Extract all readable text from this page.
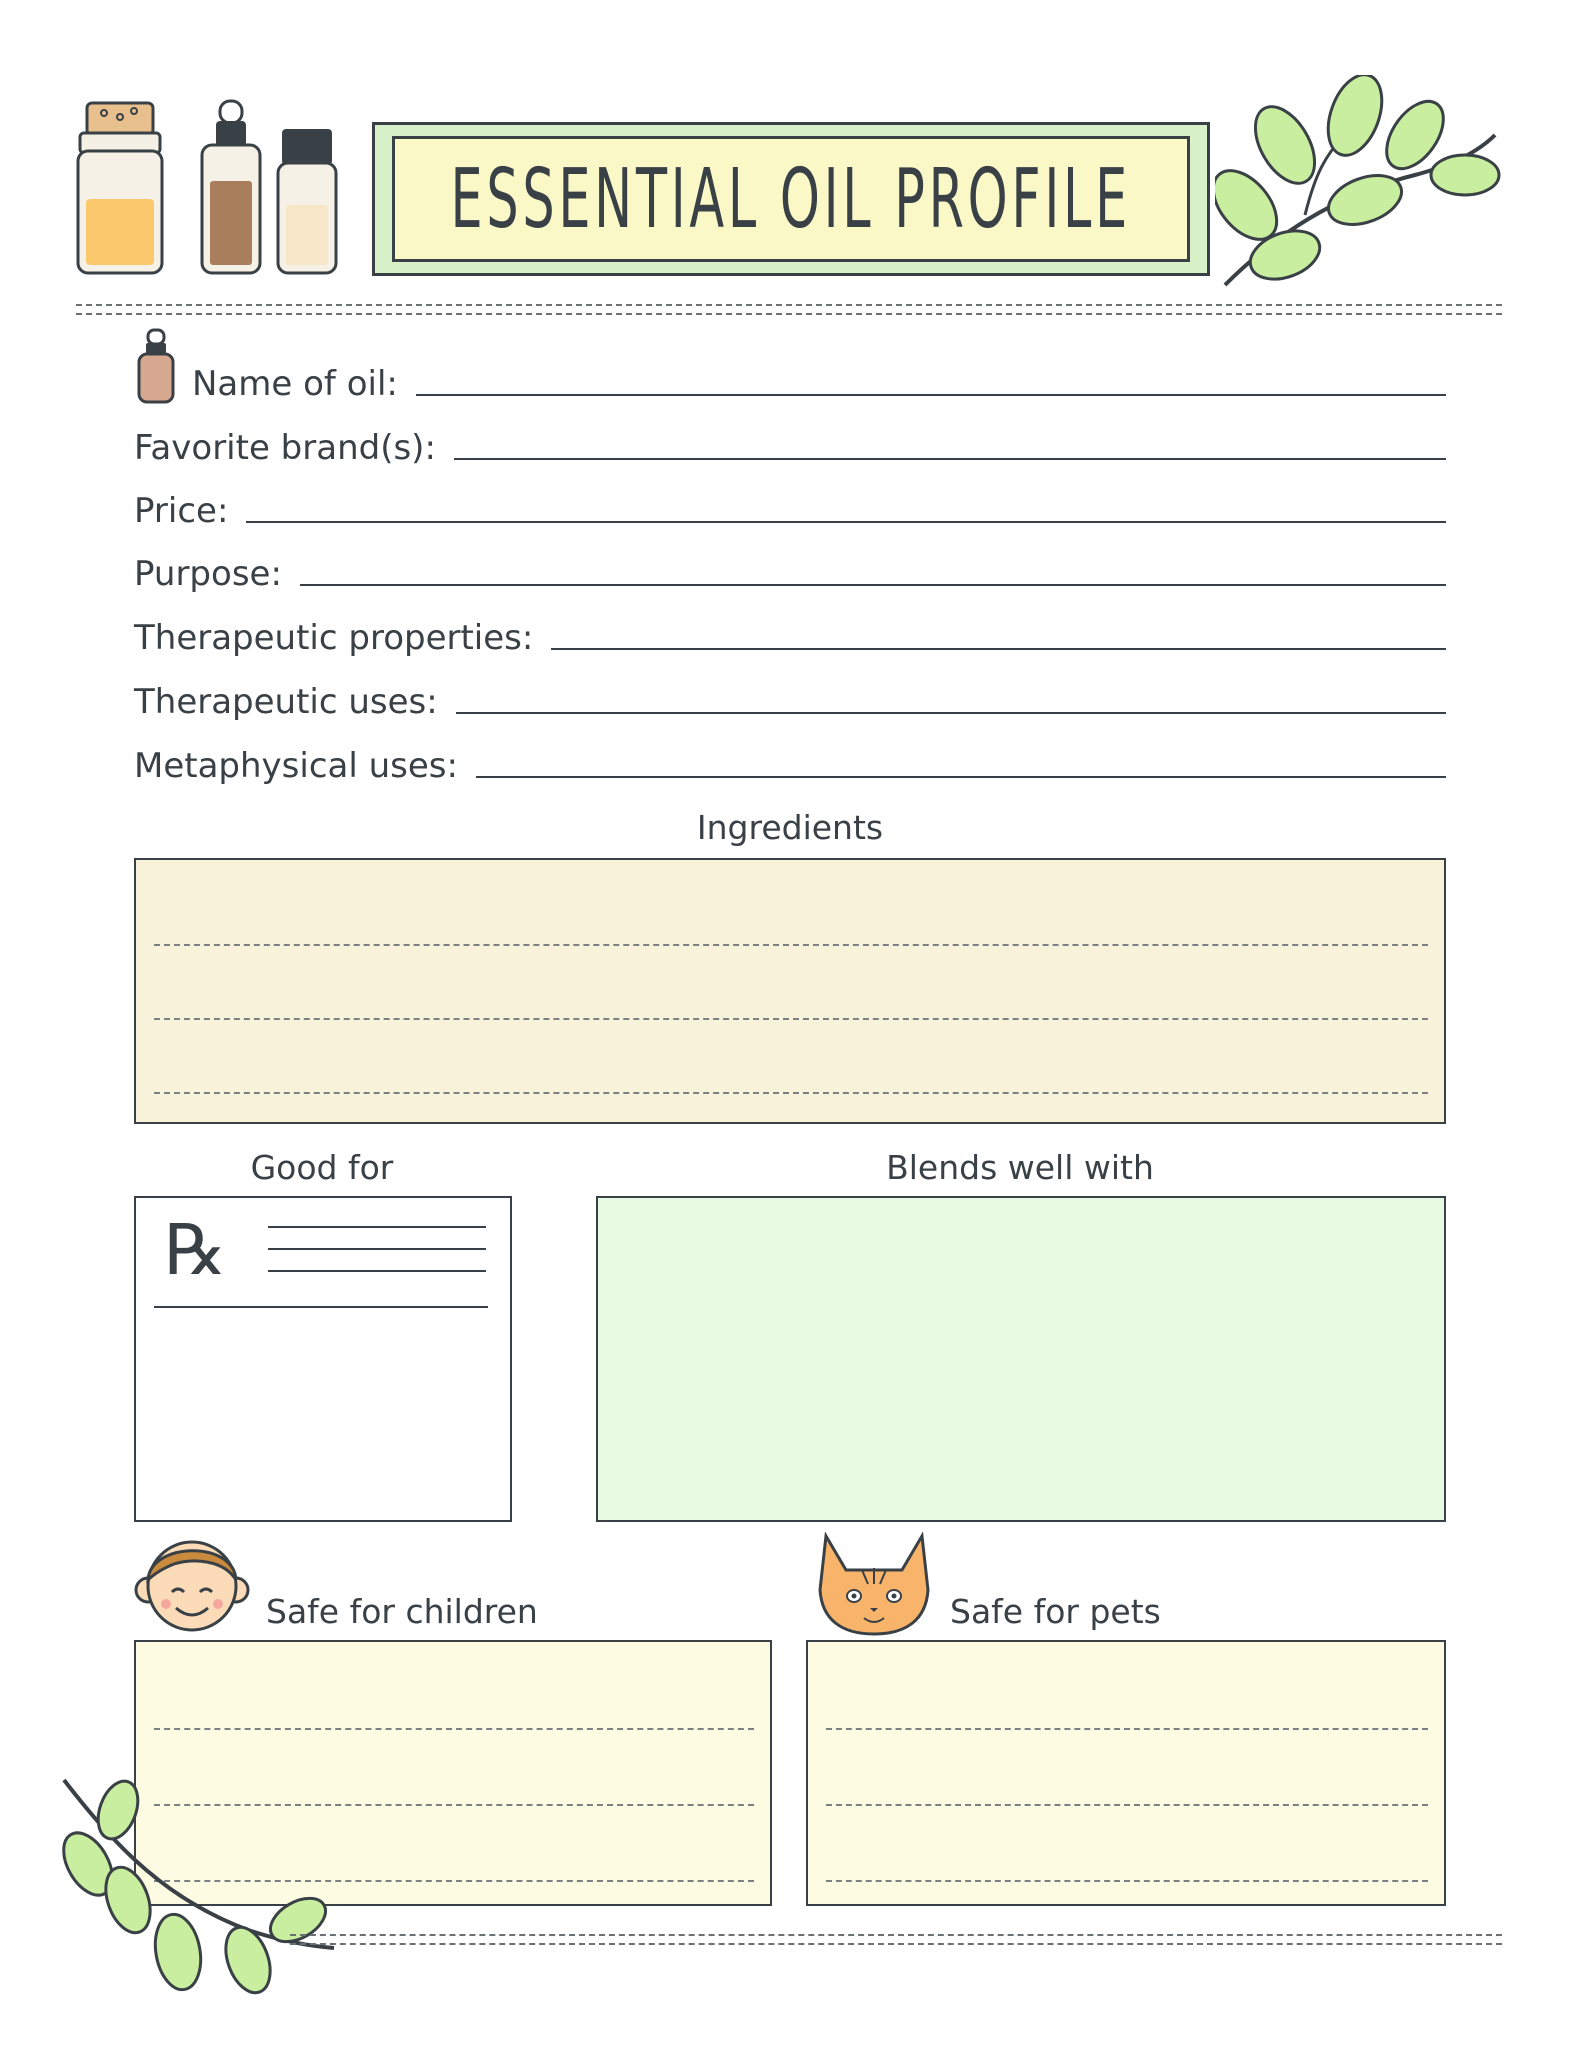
ESSENTIAL OIL PROFILE
Name of oil:
Favorite brand(s):
Price:
Purpose:
Therapeutic properties:
Therapeutic uses:
Metaphysical uses:
Ingredients
Good for	Blends well with
℞
Safe for children	Safe for pets
